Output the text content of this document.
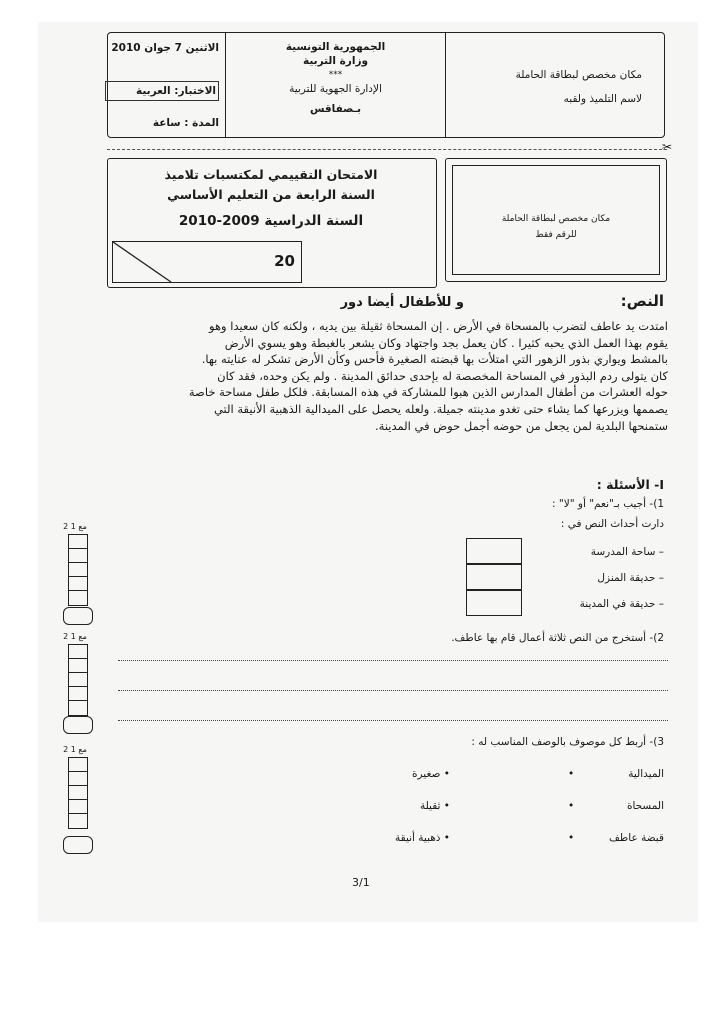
الاثنين 7 جوان 2010
الاختبار: العربية
المدة : ساعة
الجمهورية التونسية
وزارة التربية
***
الإدارة الجهوية للتربية
بـصفاقس
مكان مخصص لبطاقة الحاملة
لاسم التلميذ ولقبه
✂
الامتحان التقييمي لمكتسبات تلاميذ
السنة الرابعة من التعليم الأساسي
السنة الدراسية 2009-2010
20
مكان مخصص لبطاقة الحاملة
للرقم فقط
النص:
و للأطفال أيضا دور
امتدت يد عاطف لتضرب بالمسحاة في الأرض . إن المسحاة ثقيلة بين يديه ، ولكنه كان سعيدا وهو
يقوم بهذا العمل الذي يحبه كثيرا . كان يعمل بجد واجتهاد وكان يشعر بالغبطة وهو يسوي الأرض
بالمشط ويواري بذور الزهور التي امتلأت بها قبضته الصغيرة فأحس وكأن الأرض تشكر له عنايته بها.
كان يتولى ردم البذور في المساحة المخصصة له بإحدى حدائق المدينة . ولم يكن وحده، فقد كان
حوله العشرات من أطفال المدارس الذين هبوا للمشاركة في هذه المسابقة. فلكل طفل مساحة خاصة
يصممها ويزرعها كما يشاء حتى تغدو مدينته جميلة. ولعله يحصل على الميدالية الذهبية الأنيقة التي
ستمنحها البلدية لمن يجعل من حوضه أجمل حوض في المدينة.
I- الأسئلة :
1)- أجيب بـ"نعم" أو "لا" :
دارت أحداث النص في :
– ساحة المدرسة
– حديقة المنزل
– حديقة في المدينة
2)- أستخرج من النص ثلاثة أعمال قام بها عاطف.
3)- أربط كل موصوف بالوصف المناسب له :
الميدالية
•
• صغيرة
المسحاة
•
• ثقيلة
قبضة عاطف
•
• ذهبية أنيقة
مع 1 2
مع 1 2
مع 1 2
3/1
